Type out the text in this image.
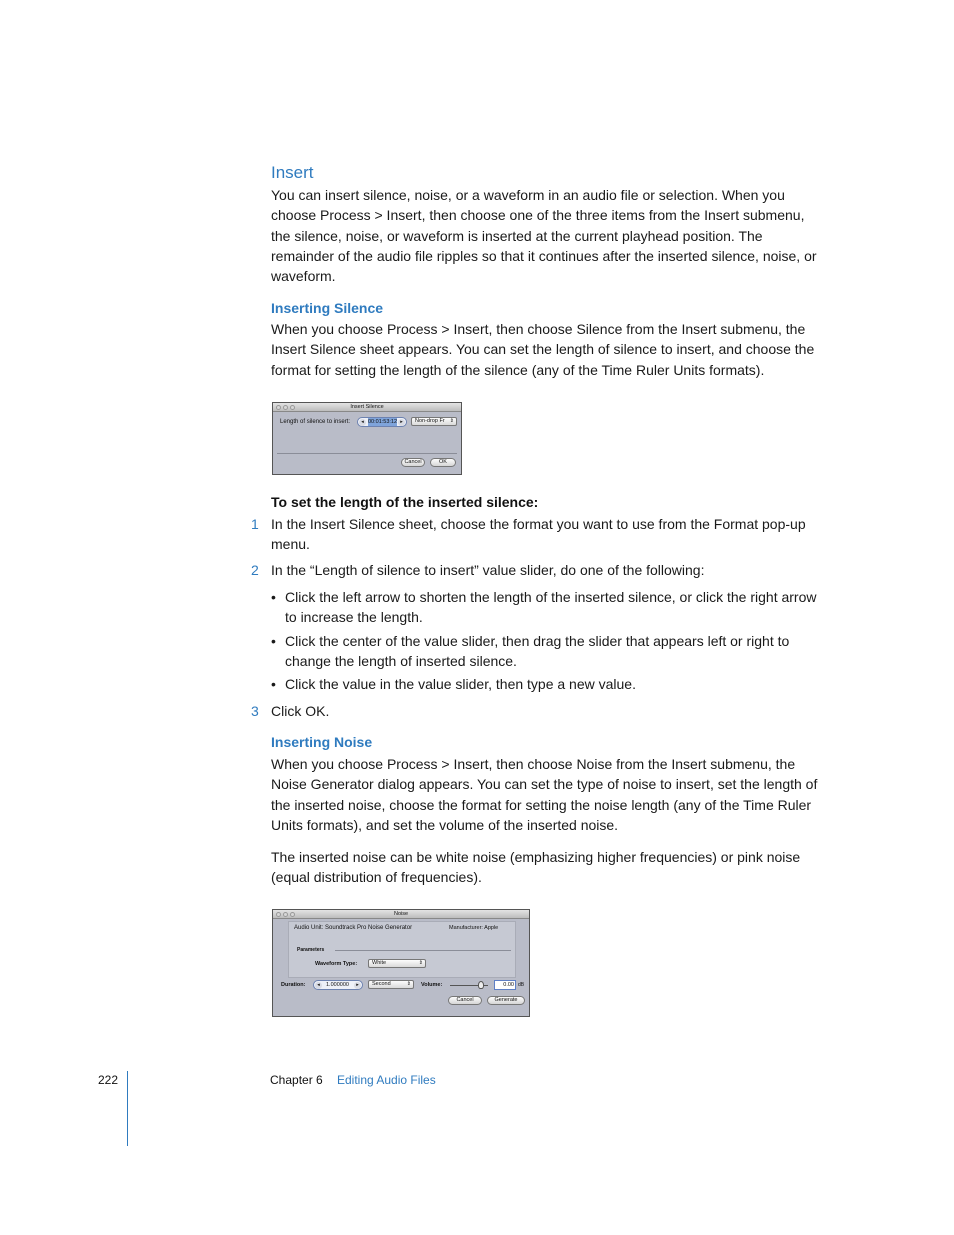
Insert
You can insert silence, noise, or a waveform in an audio file or selection. When you choose Process > Insert, then choose one of the three items from the Insert submenu, the silence, noise, or waveform is inserted at the current playhead position. The remainder of the audio file ripples so that it continues after the inserted silence, noise, or waveform.
Inserting Silence
When you choose Process > Insert, then choose Silence from the Insert submenu, the Insert Silence sheet appears. You can set the length of silence to insert, and choose the format for setting the length of the silence (any of the Time Ruler Units formats).
Insert Silence
Length of silence to insert:	◂ 00:01:53:12 ▸	Non-drop Fr ⇕
Cancel	OK
To set the length of the inserted silence:
1 In the Insert Silence sheet, choose the format you want to use from the Format pop-up menu.
2 In the “Length of silence to insert” value slider, do one of the following:
• Click the left arrow to shorten the length of the inserted silence, or click the right arrow to increase the length.
• Click the center of the value slider, then drag the slider that appears left or right to change the length of inserted silence.
• Click the value in the value slider, then type a new value.
3 Click OK.
Inserting Noise
When you choose Process > Insert, then choose Noise from the Insert submenu, the Noise Generator dialog appears. You can set the type of noise to insert, set the length of the inserted noise, choose the format for setting the noise length (any of the Time Ruler Units formats), and set the volume of the inserted noise.
The inserted noise can be white noise (emphasizing higher frequencies) or pink noise (equal distribution of frequencies).
Noise
Audio Unit: Soundtrack Pro Noise Generator	Manufacturer: Apple
Parameters
Waveform Type:	White	⇕
Duration:	◂	1.000000	▸	Second	⇕ Volume:	0.00 dB
Cancel	Generate
222	Chapter 6 Editing Audio Files
